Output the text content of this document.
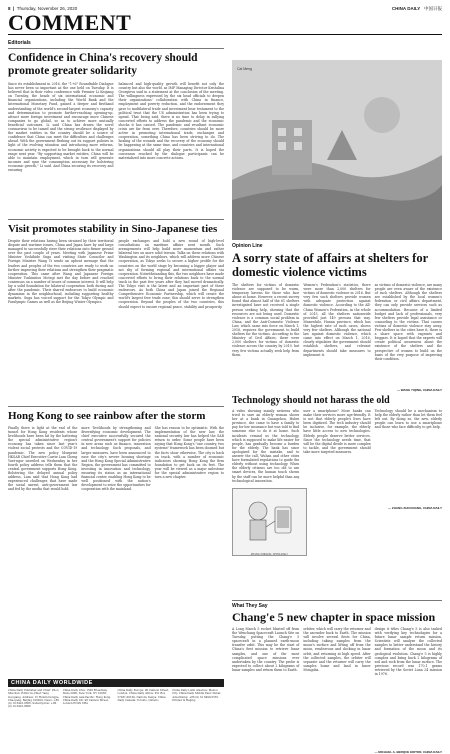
8  |  Thursday, November 26, 2020	CHINA DAILY 中国日报
COMMENT
Editorials
Confidence in China's recovery should promote greater solidarity
Since its establishment in 2016, the "1+6" Roundtable Dialogue has never been so important as the one held on Tuesday. It is believed that in their video conference with Premier Li Keqiang on Tuesday, the heads of six international economic and financial organizations, including the World Bank and the International Monetary Fund, gained a deeper and firsthand understanding of the world's second-largest economy's capacity and determination to promote further-reaching opening-up, attract more foreign investment and encourage more Chinese companies to go global, so as to achieve more mutually beneficial outcomes. Li said China has drawn the novel coronavirus to be tamed and the strong resilience displayed by the market entities in the country should be a source of confidence that China can meet the difficulties and challenges ahead. With the government fleshing out its support policies in light of the evolving situation and introducing more reforms, economic activity is expected to be brought back to the normal range next year. "By supporting market entities, China will be able to maintain employment, which in turn will generate incomes and spur the consumption necessary for bolstering economic growth," Li said. And China securing its recovery and ensuring
balanced and high-quality growth will benefit not only the country but also the world, as IMF Managing Director Kristalina Georgieva said in a statement at the conclusion of the meeting. The willingness expressed by the six head officials to deepen their organizations' collaboration with China in finance, employment and poverty reduction, and the endorsement they gave to multilateral trade and investment bear testament to the political trust that the US administration has been trying to upend. That being said, there is no time to delay in rallying concerted efforts to address the pandemic and the economic shocks it has caused. The pandemic and resultant economic crisis are far from over. Therefore, countries should be more active in promoting international trade, exchanges and cooperation, something China has been striving to do. The healing of the wounds and the recovery of the economy should be happening at the same time, and countries and international organizations should all play their parts. It is hoped the consensus reached by the dialogue participants can be materialized into more concrete actions.
Visit promotes stability in Sino-Japanese ties
Despite their relations having been strained by their territorial dispute and wartime issues, China and Japan have by and large managed to successfully steer their relations onto firmer ground over the past couple of years. Meeting with Japanese Prime Minister Yoshihide Suga and visiting State Councilor and Foreign Minister Wang Yi sends an upbeat message that the leaders and peoples of the two countries are ready to work on further improving their relations and strengthen their pragmatic cooperation. This came after Wang and Japanese Foreign Minister Toshimitsu Motegi met the day before and reached consensus on a number of issues of common interest. It will help lay a solid foundation for bilateral cooperation both during and after the pandemic. Their shared endeavors to build economic dynamism in the neighborhood, including supporting healthy markets. Suga has voiced support for the Tokyo Olympic and Paralympic Games as well as the Beijing Winter Olympics.
people exchanges and hold a new round of high-level consultations on maritime affairs next month. Such arrangements will help build more momentum and rather bilateral ties on more solid terrain. Talks on these relations with Washington and its neighbors, which will address more Chinese cooperation, as Tokyo seeks to secure a higher profile for the countries on the world stage by becoming a bigger player and not shy of forming regional and international affairs via cooperation. Notwithstanding this, the two neighbors have made concerted efforts to bring their relations back to the normal track in the past few years after they had moved dramatically. The Tokyo visit is the latest and an important part of these endeavors. As both China and Japan joined the Regional Comprehensive Economic Partnership, which will create the world's largest free trade zone, this should serve to strengthen cooperation. Beyond the peoples of the two countries, this should expect to ensure regional peace, stability and prosperity.
Hong Kong to see rainbow after the storm
Finally there is light at the end of the tunnel for Hong Kong residents whose livelihoods have been hit by the battering the special administrative region's economy has taken since last year's violent social protests and the COVID-19 pandemic. The new policy blueprint HKSAR Chief Executive Carrie Lam Cheng Yuet-ngor unveiled on Wednesday in her fourth policy address tells them that the central government supports Hong Kong. Bolstering the delayed annual policy address, Lam said that Hong Kong had experienced challenges that have made the social unrest, anti-government law and fed by the media that would hold.
more 'livelihoods by strengthening and diversifying economic development. The chief executive successfully secured the central government's support for policies in new areas such as finance, innovation and technology. Such proposals, and larger measures, have been announced to ease the city's severe housing shortage and the Hong Kong Special Administrative Region, the government has committed to investing in innovation and technology, ensuring its status as an international financial center, enabling Hong Kong to be well positioned with the nation's development to seize the opportunities for cooperation with the mainland.
She has reason to be optimistic. With the implementation of the new law, the national security law has helped the SAR return to order. Some people have been saying that Hong Kong's "one country, two systems" framework has been doomed but the facts show otherwise. The city is back on track, with a number of economic indicators showing Hong Kong the firm foundation to get back on its feet. The year will be viewed as a major milestone for the special administrative region to turn a new chapter.
CHINA DAILY WORLDWIDE
China Daily Publisher and Chief: Zhou Shuchun. Editor-in-Chief: Yang Guoqiang. Address: 15 Huixin Dongjie, Chaoyang, Beijing 100029. News: +86 (0) 10 6491-8366. Subscription: +86 (0) 10 6491-8666
China Daily USA: 1500 Broadway, Suite 2800, New York, NY 10036. China Daily Asia Pacific: Hong Kong. China Daily UK: 90 Cannon Street, London EC4N 6HA
China Daily Europe: 90 Cannon Street, London. China Daily Africa: P.O. Box 27281-00100, Nairobi, Kenya. China Daily Canada: Toronto, Ontario
China Daily Latin America: Mexico City. China Daily Middle East: Dubai. Advertising: +86 (0) 10 6499-5555. Printed in Beijing
Cai Meng
Opinion Line
A sorry state of affairs at shelters for domestic violence victims
The shelters for victims of domestic violence are supposed to be warm, temporary havens for those who face abuse at home. However, a recent survey found that almost half of the 61 shelters investigated have not received a single person seeking help, showing that the resources are not being used. Domestic violence is a common social problem in China, and the Anti-Domestic Violence Law, which came into force on March 1, 2016, requires the government to build shelters for the victims. According to the Ministry of Civil Affairs, there were 2,000 shelters for victims of domestic violence across the country by 2019, but very few victims actually seek help from them.
Women's Federation's statistics, there were more than 2,000 shelters for victims of domestic violence in 2016. But very few such shelters provide women with adequate protection against domestic violence. According to the All-China Women's Federation, in the whole of 2015, all the shelters nationwide provided just 149 persons that way. Meanwhile, Hunan province, which has the highest rate of such cases, shows very few shelters. Although the national law against domestic violence, which came into effect on March 1, 2016, clearly stipulates the government should establish shelters, and relevant departments should take measures to implement it.
as victims of domestic violence, are many people are even aware of the existence of such shelters. Although the shelters are established by the local women's federation or civil affairs department, they can only provide services such as accommodation. Because of a limited budget and lack of professionals, very few shelters provide legal assistance or counseling to the victims. That causes victims of domestic violence stay away. Few shelters in the cities have it, there is a share space with vagrants and beggars. It is hoped that the experts will create political awareness about the existence of the shelters and the perspective of women to build on the basis of the very purpose of improving their condition.
— WANG YIQING, CHINA DAILY
Technology should not harass the old
A video showing mainly netizens who tried to save an elderly woman shows her at a bank in Guangzhou, Hubei province, she came to have a family to pay for her insurance but was told to find someone else to do it at home. Such incidents remind us the technology, which is supposed to make life easier for people, has gradually become a burden for the elderly. The bank has since apologized for the mistake, and to answer the call, Wuhan and other cities have formulated regulations to guide the elderly without using technology. When the elderly citizens are too old to use smart devices, the human touch shown by the staff can be more helpful than any technological innovation.
user a smartphone? More banks can make their services more age-friendly. It is not that elderly people's lives have been digitized. The tech industry should be inclusive, for example, the elderly have little access to new technologies. Elderly people deserve better services. Since the technology needs time, that will be the digital divide is more complex to tackle, and the government should take more targeted measures.
Technology should be a mechanism to help the elderly rather than let them feel left out. By doing so, the new, elderly people can learn to use a smartphone and those who face difficulty to get help.
— ZHANG ZHOUXIANG, CHINA DAILY
What They Say
Chang'e 5 new chapter in space mission
A Long March 5 rocket blasted off from the Wenchang Spacecraft Launch Site on Tuesday, putting the Chang'e 5 spacecraft in a planned earth-moon transfer orbit. This may be the start of China's first mission to retrieve lunar samples, and one of the most complicated space missions ever undertaken by the country. The probe is expected to collect about 2 kilograms of lunar samples and return them to Earth.
orbiter, which will carry the returner and the ascender back to Earth. The mission will involve several firsts for China, including taking samples from the moon's surface and lifting off from the moon, rendezvous and docking in lunar orbit, and returning at high speed. After the collected samples, the orbiter will separate and the returner will carry the samples home and land in Inner Mongolia.
design it titles Chang'e 5 is also tasked with verifying key technologies for a future lunar sample return mission. Scientists will analyze the collected samples to better understand the history and formation of the moon and its geological evolution. Chang'e 5 is highly complex and bring back 2 kilograms of soil and rock from the lunar surface. The previous record was 170.1 grams retrieved by the Soviet Luna 24 mission in 1976.
— MICHAEL A. BERQUE EDITOR, CHINA DAILY
ZHANG XINFANG, CHINA DAILY
